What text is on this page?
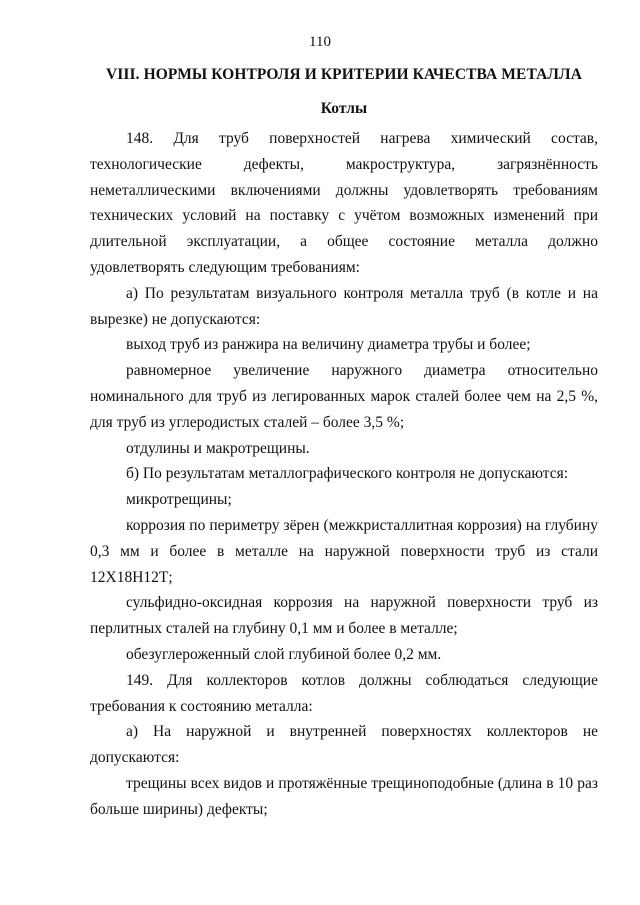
110
VIII. НОРМЫ КОНТРОЛЯ И КРИТЕРИИ КАЧЕСТВА МЕТАЛЛА
Котлы

148. Для труб поверхностей нагрева химический состав, технологические дефекты, макроструктура, загрязнённость неметаллическими включениями должны удовлетворять требованиям технических условий на поставку с учётом возможных изменений при длительной эксплуатации, а общее состояние металла должно удовлетворять следующим требованиям:

а) По результатам визуального контроля металла труб (в котле и на вырезке) не допускаются:

выход труб из ранжира на величину диаметра трубы и более;

равномерное увеличение наружного диаметра относительно номинального для труб из легированных марок сталей более чем на 2,5 %, для труб из углеродистых сталей – более 3,5 %;

отдулины и макротрещины.

б) По результатам металлографического контроля не допускаются:

микротрещины;

коррозия по периметру зёрен (межкристаллитная коррозия) на глубину 0,3 мм и более в металле на наружной поверхности труб из стали 12Х18Н12Т;

сульфидно-оксидная коррозия на наружной поверхности труб из перлитных сталей на глубину 0,1 мм и более в металле;

обезуглероженный слой глубиной более 0,2 мм.

149. Для коллекторов котлов должны соблюдаться следующие требования к состоянию металла:

а) На наружной и внутренней поверхностях коллекторов не допускаются:

трещины всех видов и протяжённые трещиноподобные (длина в 10 раз больше ширины) дефекты;
